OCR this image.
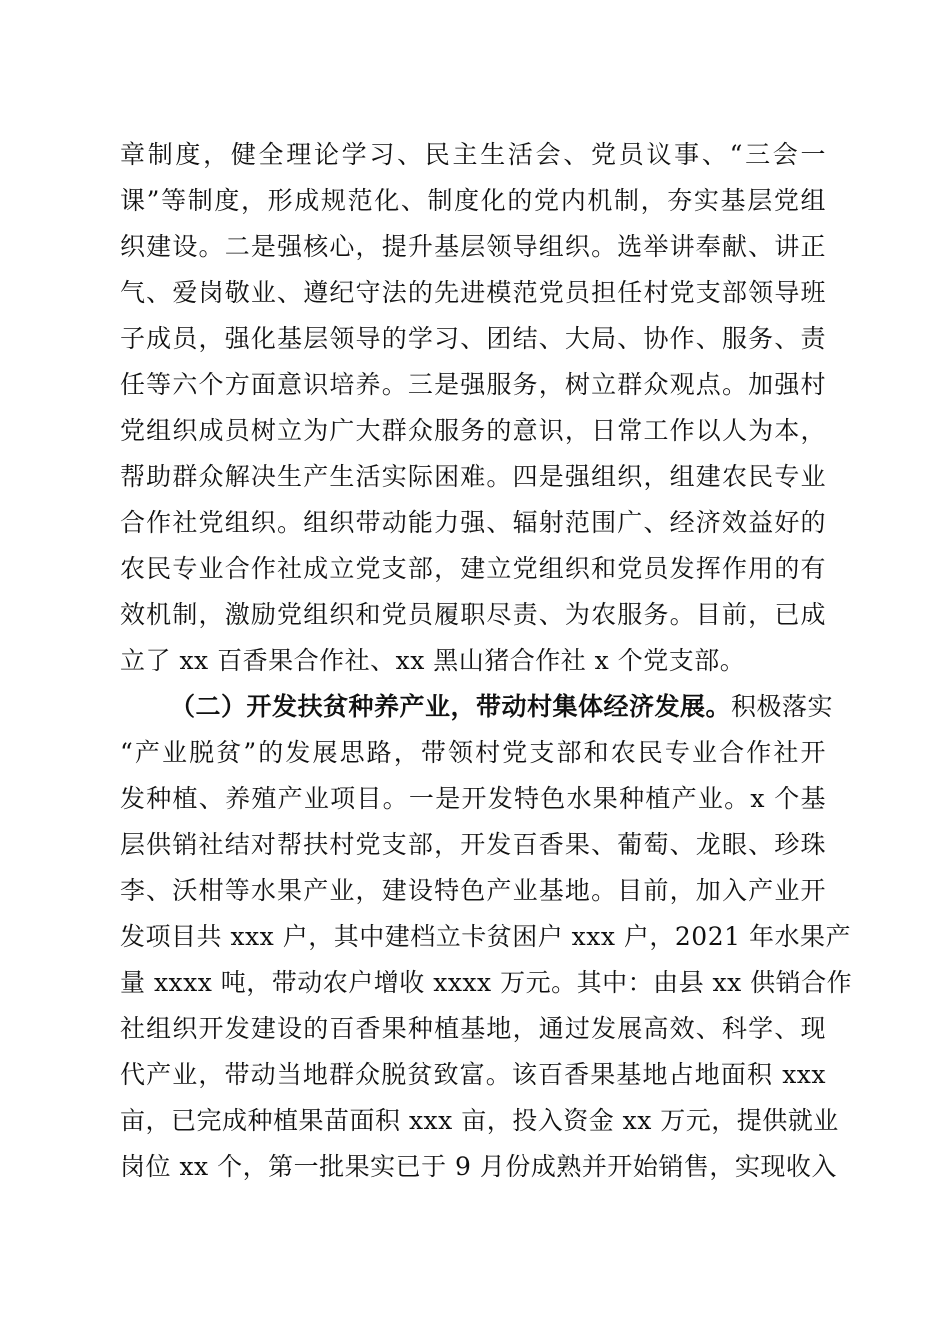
章制度，健全理论学习、民主生活会、党员议事、“三会一
课”等制度，形成规范化、制度化的党内机制，夯实基层党组
织建设。二是强核心，提升基层领导组织。选举讲奉献、讲正
气、爱岗敬业、遵纪守法的先进模范党员担任村党支部领导班
子成员，强化基层领导的学习、团结、大局、协作、服务、责
任等六个方面意识培养。三是强服务，树立群众观点。加强村
党组织成员树立为广大群众服务的意识，日常工作以人为本，
帮助群众解决生产生活实际困难。四是强组织，组建农民专业
合作社党组织。组织带动能力强、辐射范围广、经济效益好的
农民专业合作社成立党支部，建立党组织和党员发挥作用的有
效机制，激励党组织和党员履职尽责、为农服务。目前，已成
立了 xx 百香果合作社、xx 黑山猪合作社 x 个党支部。
（二）开发扶贫种养产业，带动村集体经济发展。积极落实
“产业脱贫”的发展思路，带领村党支部和农民专业合作社开
发种植、养殖产业项目。一是开发特色水果种植产业。x 个基
层供销社结对帮扶村党支部，开发百香果、葡萄、龙眼、珍珠
李、沃柑等水果产业，建设特色产业基地。目前，加入产业开
发项目共 xxx 户，其中建档立卡贫困户 xxx 户，2021 年水果产
量 xxxx 吨，带动农户增收 xxxx 万元。其中：由县 xx 供销合作
社组织开发建设的百香果种植基地，通过发展高效、科学、现
代产业，带动当地群众脱贫致富。该百香果基地占地面积 xxx
亩，已完成种植果苗面积 xxx 亩，投入资金 xx 万元，提供就业
岗位 xx 个，第一批果实已于 9 月份成熟并开始销售，实现收入
